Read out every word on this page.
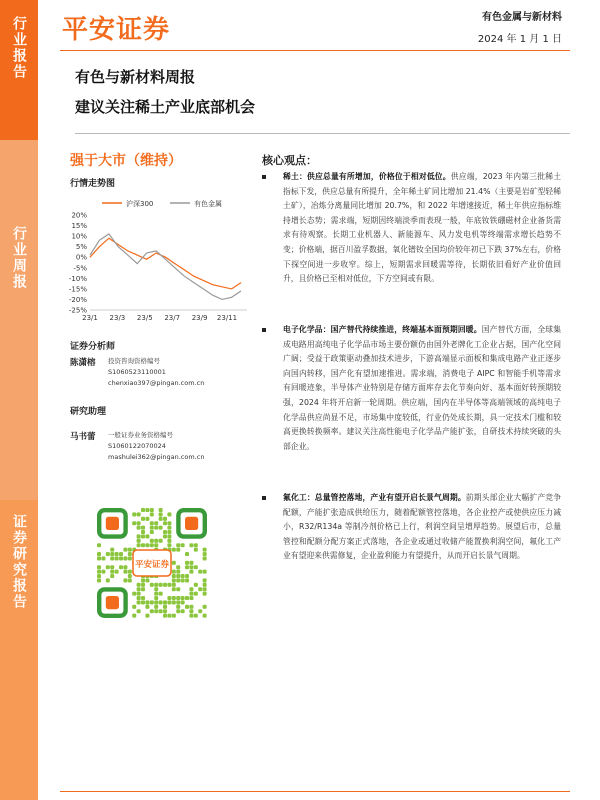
行业报告
行业周报
证券研究报告
平安证券	有色金属与新材料
2024 年 1 月 1 日
有色与新材料周报
建议关注稀土产业底部机会
强于大市（维持）
行情走势图
沪深300	有色金属
20%
15%
10%
5%
0%
-5%
-10%
-15%
-20%
-25%
23/1 23/3 23/5 23/7 23/9 23/11
证券分析师
陈潇榕 投资咨询资格编号
S1060523110001
chenxiao397@pingan.com.cn
研究助理
马书蕾 一般证券业务资格编号
S1060122070024
mashulei362@pingan.com.cn
平安证券
核心观点：
稀土：供应总量有所增加，价格位于相对低位。供应端，2023 年内第三批稀土指标下发，供应总量有所提升，全年稀土矿同比增加 21.4%（主要是岩矿型轻稀土矿），冶炼分离量同比增加 20.7%，和 2022 年增速接近，稀土年供应指标维持增长态势；需求端，短期因终端淡季而表现一般，年底钕铁硼磁材企业备货需求有待观察。长期工业机器人、新能源车、风力发电机等终端需求增长趋势不变；价格端，据百川盈孚数据，氧化镨钕全国均价较年初已下跌 37%左右，价格下探空间进一步收窄。综上，短期需求回暖需等待，长期依旧看好产业价值回升，且价格已至相对低位，下方空间或有限。
电子化学品：国产替代持续推进，终端基本面预期回暖。国产替代方面，全球集成电路用高纯电子化学品市场主要份额仍由国外老牌化工企业占据，国产化空间广阔；受益于政策驱动叠加技术进步，下游高端显示面板和集成电路产业正逐步向国内转移，国产化有望加速推进。需求端，消费电子 AIPC 和智能手机等需求有回暖迹象，半导体产业特别是存储方面库存去化节奏向好、基本面好转预期较强，2024 年将开启新一轮周期。供应端，国内在半导体等高端领域的高纯电子化学品供应尚显不足，市场集中度较低，行业仍处成长期，具一定技术门槛和较高更换转换频率。建议关注高性能电子化学品产能扩张，自研技术持续突破的头部企业。
氟化工：总量管控落地，产业有望开启长景气周期。前期头部企业大幅扩产竞争配额，产能扩张造成供给压力，随着配额管控落地，各企业控产或使供应压力减小，R32/R134a 等制冷剂价格已上行，利润空间呈增厚趋势。展望后市，总量管控和配额分配方案正式落地，各企业或通过收储产能置换利润空间，氟化工产业有望迎来供需修复，企业盈利能力有望提升，从而开启长景气周期。
